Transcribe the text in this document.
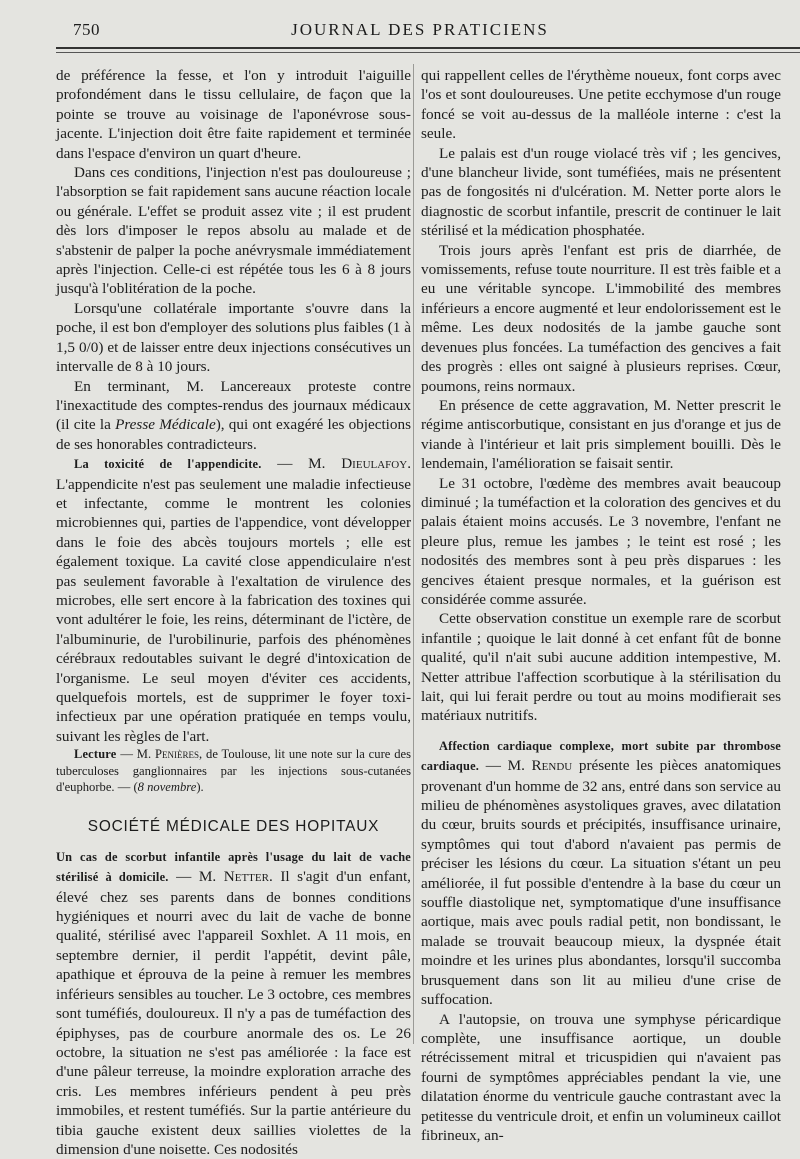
750	JOURNAL DES PRATICIENS

de préférence la fesse, et l'on y introduit l'aiguille profondément dans le tissu cellulaire, de façon que la pointe se trouve au voisinage de l'aponévrose sous-jacente. L'injection doit être faite rapidement et terminée dans l'espace d'environ un quart d'heure.

Dans ces conditions, l'injection n'est pas douloureuse ; l'absorption se fait rapidement sans aucune réaction locale ou générale. L'effet se produit assez vite ; il est prudent dès lors d'imposer le repos absolu au malade et de s'abstenir de palper la poche anévrysmale immédiatement après l'injection. Celle-ci est répétée tous les 6 à 8 jours jusqu'à l'oblitération de la poche.

Lorsqu'une collatérale importante s'ouvre dans la poche, il est bon d'employer des solutions plus faibles (1 à 1,5 0/0) et de laisser entre deux injections consécutives un intervalle de 8 à 10 jours.

En terminant, M. Lancereaux proteste contre l'inexactitude des comptes-rendus des journaux médicaux (il cite la Presse Médicale), qui ont exagéré les objections de ses honorables contradicteurs.

La toxicité de l'appendicite. — M. Dieulafoy. L'appendicite n'est pas seulement une maladie infectieuse et infectante, comme le montrent les colonies microbiennes qui, parties de l'appendice, vont développer dans le foie des abcès toujours mortels ; elle est également toxique. La cavité close appendiculaire n'est pas seulement favorable à l'exaltation de virulence des microbes, elle sert encore à la fabrication des toxines qui vont adultérer le foie, les reins, déterminant de l'ictère, de l'albuminurie, de l'urobilinurie, parfois des phénomènes cérébraux redoutables suivant le degré d'intoxication de l'organisme. Le seul moyen d'éviter ces accidents, quelquefois mortels, est de supprimer le foyer toxi-infectieux par une opération pratiquée en temps voulu, suivant les règles de l'art.

Lecture — M. Penières, de Toulouse, lit une note sur la cure des tuberculoses ganglionnaires par les injections sous-cutanées d'euphorbe. — (8 novembre).

SOCIÉTÉ MÉDICALE DES HOPITAUX

Un cas de scorbut infantile après l'usage du lait de vache stérilisé à domicile. — M. Netter. Il s'agit d'un enfant, élevé chez ses parents dans de bonnes conditions hygiéniques et nourri avec du lait de vache de bonne qualité, stérilisé avec l'appareil Soxhlet. A 11 mois, en septembre dernier, il perdit l'appétit, devint pâle, apathique et éprouva de la peine à remuer les membres inférieurs sensibles au toucher. Le 3 octobre, ces membres sont tuméfiés, douloureux. Il n'y a pas de tuméfaction des épiphyses, pas de courbure anormale des os. Le 26 octobre, la situation ne s'est pas améliorée : la face est d'une pâleur terreuse, la moindre exploration arrache des cris. Les membres inférieurs pendent à peu près immobiles, et restent tuméfiés. Sur la partie antérieure du tibia gauche existent deux saillies violettes de la dimension d'une noisette. Ces nodosités

qui rappellent celles de l'érythème noueux, font corps avec l'os et sont douloureuses. Une petite ecchymose d'un rouge foncé se voit au-dessus de la malléole interne : c'est la seule.

Le palais est d'un rouge violacé très vif ; les gencives, d'une blancheur livide, sont tuméfiées, mais ne présentent pas de fongosités ni d'ulcération. M. Netter porte alors le diagnostic de scorbut infantile, prescrit de continuer le lait stérilisé et la médication phosphatée.

Trois jours après l'enfant est pris de diarrhée, de vomissements, refuse toute nourriture. Il est très faible et a eu une véritable syncope. L'immobilité des membres inférieurs a encore augmenté et leur endolorissement est le même. Les deux nodosités de la jambe gauche sont devenues plus foncées. La tuméfaction des gencives a fait des progrès : elles ont saigné à plusieurs reprises. Cœur, poumons, reins normaux.

En présence de cette aggravation, M. Netter prescrit le régime antiscorbutique, consistant en jus d'orange et jus de viande à l'intérieur et lait pris simplement bouilli. Dès le lendemain, l'amélioration se faisait sentir.

Le 31 octobre, l'œdème des membres avait beaucoup diminué ; la tuméfaction et la coloration des gencives et du palais étaient moins accusés. Le 3 novembre, l'enfant ne pleure plus, remue les jambes ; le teint est rosé ; les nodosités des membres sont à peu près disparues : les gencives étaient presque normales, et la guérison est considérée comme assurée.

Cette observation constitue un exemple rare de scorbut infantile ; quoique le lait donné à cet enfant fût de bonne qualité, qu'il n'ait subi aucune addition intempestive, M. Netter attribue l'affection scorbutique à la stérilisation du lait, qui lui ferait perdre ou tout au moins modifierait ses matériaux nutritifs.

Affection cardiaque complexe, mort subite par thrombose cardiaque. — M. Rendu présente les pièces anatomiques provenant d'un homme de 32 ans, entré dans son service au milieu de phénomènes asystoliques graves, avec dilatation du cœur, bruits sourds et précipités, insuffisance urinaire, symptômes qui tout d'abord n'avaient pas permis de préciser les lésions du cœur. La situation s'étant un peu améliorée, il fut possible d'entendre à la base du cœur un souffle diastolique net, symptomatique d'une insuffisance aortique, mais avec pouls radial petit, non bondissant, le malade se trouvait beaucoup mieux, la dyspnée était moindre et les urines plus abondantes, lorsqu'il succomba brusquement dans son lit au milieu d'une crise de suffocation.

A l'autopsie, on trouva une symphyse péricardique complète, une insuffisance aortique, un double rétrécissement mitral et tricuspidien qui n'avaient pas fourni de symptômes appréciables pendant la vie, une dilatation énorme du ventricule gauche contrastant avec la petitesse du ventricule droit, et enfin un volumineux caillot fibrineux, an-
